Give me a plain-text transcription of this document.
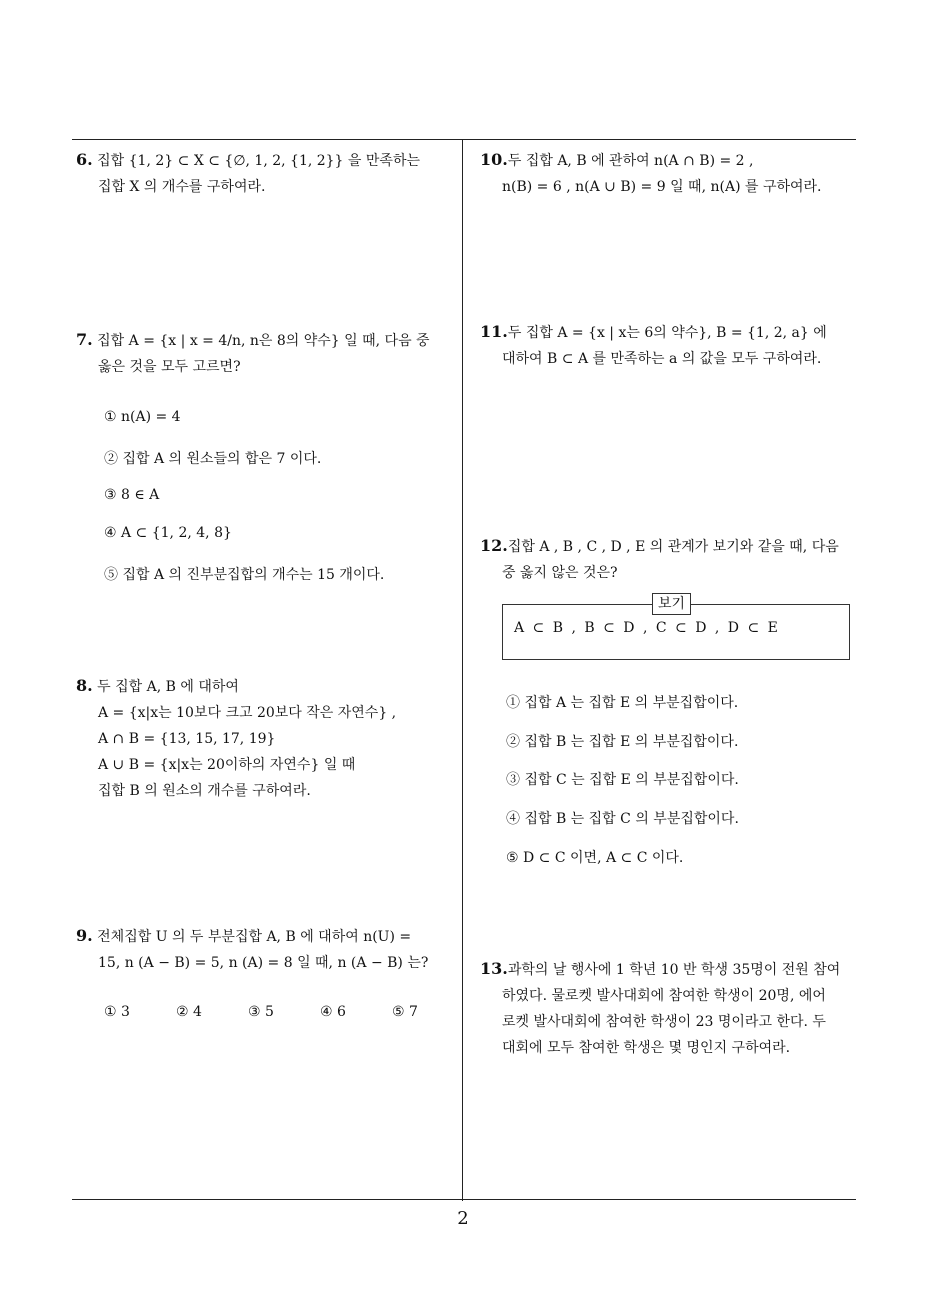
6. 집합 {1, 2} ⊂ X ⊂ {∅, 1, 2, {1, 2}} 을 만족하는
집합 X 의 개수를 구하여라.
7. 집합 A = {x | x = 4/n, n은 8의 약수} 일 때, 다음 중
옳은 것을 모두 고르면?
① n(A) = 4
② 집합 A 의 원소들의 합은 7 이다.
③ 8 ∈ A
④ A ⊂ {1, 2, 4, 8}
⑤ 집합 A 의 진부분집합의 개수는 15 개이다.
8. 두 집합 A, B 에 대하여
A = {x|x는 10보다 크고 20보다 작은 자연수} ,
A ∩ B = {13, 15, 17, 19}
A ∪ B = {x|x는 20이하의 자연수} 일 때
집합 B 의 원소의 개수를 구하여라.
9. 전체집합 U 의 두 부분집합 A, B 에 대하여 n(U) =
15, n (A − B) = 5, n (A) = 8 일 때, n (A − B) 는?
① 3	② 4	③ 5	④ 6	⑤ 7
10.두 집합 A, B 에 관하여 n(A ∩ B) = 2 ,
n(B) = 6 , n(A ∪ B) = 9 일 때, n(A) 를 구하여라.
11.두 집합 A = {x | x는 6의 약수}, B = {1, 2, a} 에
대하여 B ⊂ A 를 만족하는 a 의 값을 모두 구하여라.
12.집합 A , B , C , D , E 의 관계가 보기와 같을 때, 다음
중 옳지 않은 것은?
보기
A ⊂ B , B ⊂ D , C ⊂ D , D ⊂ E
① 집합 A 는 집합 E 의 부분집합이다.
② 집합 B 는 집합 E 의 부분집합이다.
③ 집합 C 는 집합 E 의 부분집합이다.
④ 집합 B 는 집합 C 의 부분집합이다.
⑤ D ⊂ C 이면, A ⊂ C 이다.
13.과학의 날 행사에 1 학년 10 반 학생 35명이 전원 참여
하였다. 물로켓 발사대회에 참여한 학생이 20명, 에어
로켓 발사대회에 참여한 학생이 23 명이라고 한다. 두
대회에 모두 참여한 학생은 몇 명인지 구하여라.
2
